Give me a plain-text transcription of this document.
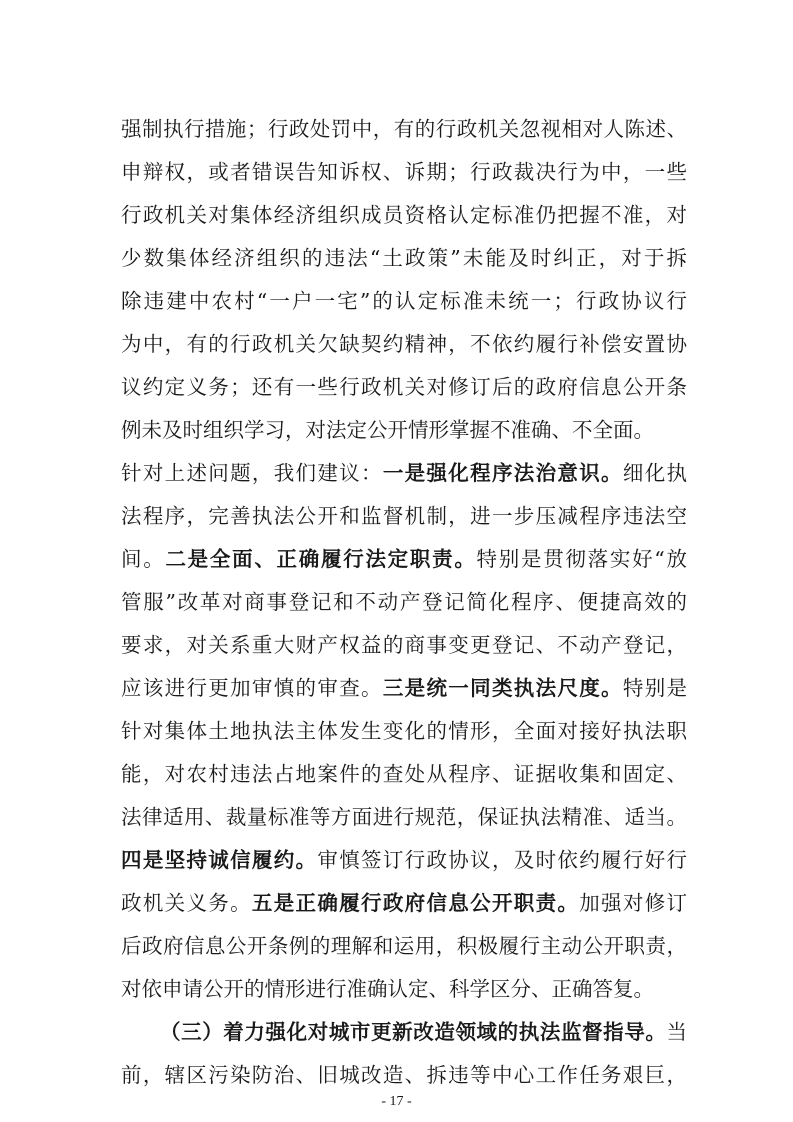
强制执行措施；行政处罚中，有的行政机关忽视相对人陈述、
申辩权，或者错误告知诉权、诉期；行政裁决行为中，一些
行政机关对集体经济组织成员资格认定标准仍把握不准，对
少数集体经济组织的违法“土政策”未能及时纠正，对于拆
除违建中农村“一户一宅”的认定标准未统一；行政协议行
为中，有的行政机关欠缺契约精神，不依约履行补偿安置协
议约定义务；还有一些行政机关对修订后的政府信息公开条
例未及时组织学习，对法定公开情形掌握不准确、不全面。
针对上述问题，我们建议：一是强化程序法治意识。细化执
法程序，完善执法公开和监督机制，进一步压减程序违法空
间。二是全面、正确履行法定职责。特别是贯彻落实好“放
管服”改革对商事登记和不动产登记简化程序、便捷高效的
要求，对关系重大财产权益的商事变更登记、不动产登记，
应该进行更加审慎的审查。三是统一同类执法尺度。特别是
针对集体土地执法主体发生变化的情形，全面对接好执法职
能，对农村违法占地案件的查处从程序、证据收集和固定、
法律适用、裁量标准等方面进行规范，保证执法精准、适当。
四是坚持诚信履约。审慎签订行政协议，及时依约履行好行
政机关义务。五是正确履行政府信息公开职责。加强对修订
后政府信息公开条例的理解和运用，积极履行主动公开职责，
对依申请公开的情形进行准确认定、科学区分、正确答复。
（三）着力强化对城市更新改造领域的执法监督指导。当
前，辖区污染防治、旧城改造、拆违等中心工作任务艰巨，
- 17 -
